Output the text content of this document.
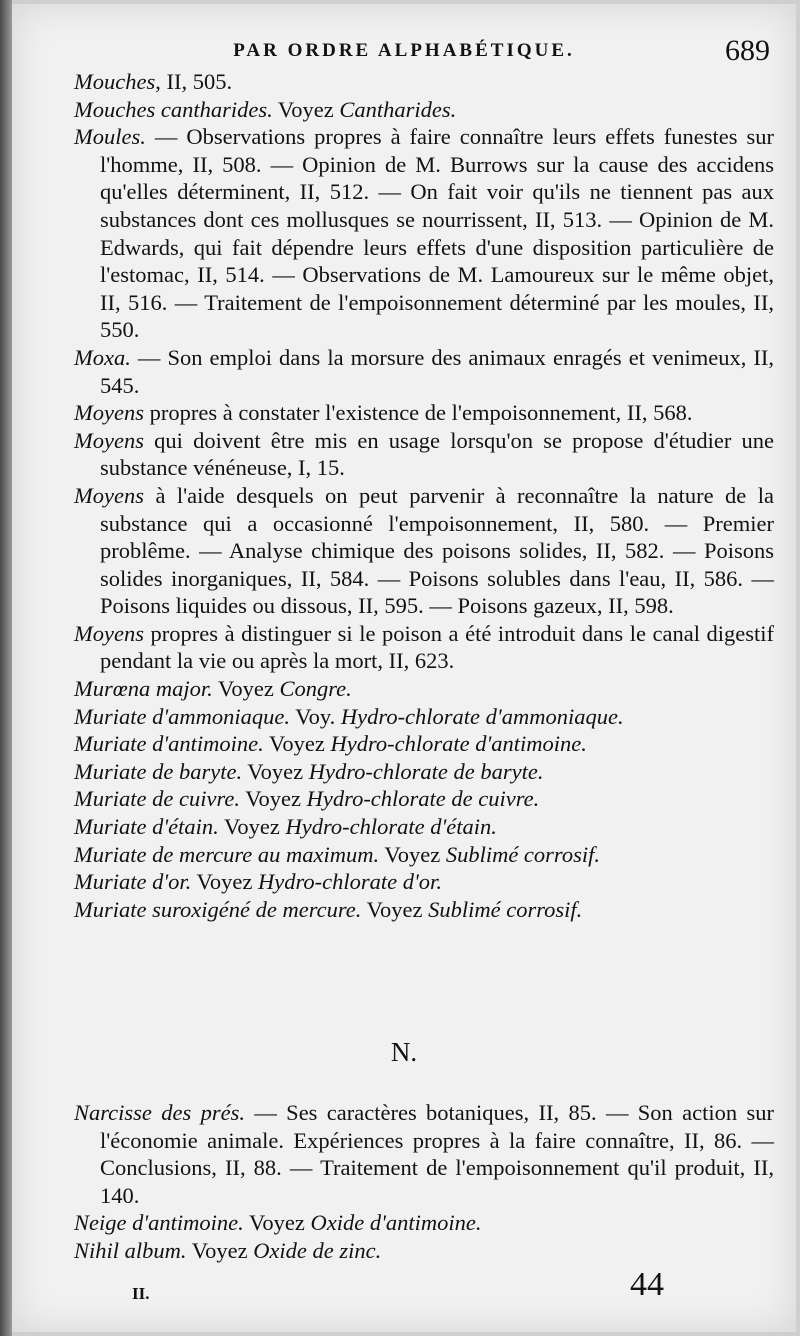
PAR ORDRE ALPHABÉTIQUE.	689

Mouches, II, 505.

Mouches cantharides. Voyez Cantharides.

Moules. — Observations propres à faire connaître leurs effets funestes sur l'homme, II, 508. — Opinion de M. Burrows sur la cause des accidens qu'elles déterminent, II, 512. — On fait voir qu'ils ne tiennent pas aux substances dont ces mollusques se nourrissent, II, 513. — Opinion de M. Edwards, qui fait dépendre leurs effets d'une disposition particulière de l'estomac, II, 514. — Observations de M. Lamoureux sur le même objet, II, 516. — Traitement de l'empoisonnement déterminé par les moules, II, 550.

Moxa. — Son emploi dans la morsure des animaux enragés et venimeux, II, 545.

Moyens propres à constater l'existence de l'empoisonnement, II, 568.

Moyens qui doivent être mis en usage lorsqu'on se propose d'étudier une substance vénéneuse, I, 15.

Moyens à l'aide desquels on peut parvenir à reconnaître la nature de la substance qui a occasionné l'empoisonnement, II, 580. — Premier problême. — Analyse chimique des poisons solides, II, 582. — Poisons solides inorganiques, II, 584. — Poisons solubles dans l'eau, II, 586. — Poisons liquides ou dissous, II, 595. — Poisons gazeux, II, 598.

Moyens propres à distinguer si le poison a été introduit dans le canal digestif pendant la vie ou après la mort, II, 623.

Murœna major. Voyez Congre.

Muriate d'ammoniaque. Voy. Hydro-chlorate d'ammoniaque.

Muriate d'antimoine. Voyez Hydro-chlorate d'antimoine.

Muriate de baryte. Voyez Hydro-chlorate de baryte.

Muriate de cuivre. Voyez Hydro-chlorate de cuivre.

Muriate d'étain. Voyez Hydro-chlorate d'étain.

Muriate de mercure au maximum. Voyez Sublimé corrosif.

Muriate d'or. Voyez Hydro-chlorate d'or.

Muriate suroxigéné de mercure. Voyez Sublimé corrosif.

N.

Narcisse des prés. — Ses caractères botaniques, II, 85. — Son action sur l'économie animale. Expériences propres à la faire connaître, II, 86. — Conclusions, II, 88. — Traitement de l'empoisonnement qu'il produit, II, 140.

Neige d'antimoine. Voyez Oxide d'antimoine.

Nihil album. Voyez Oxide de zinc.

II.	44
